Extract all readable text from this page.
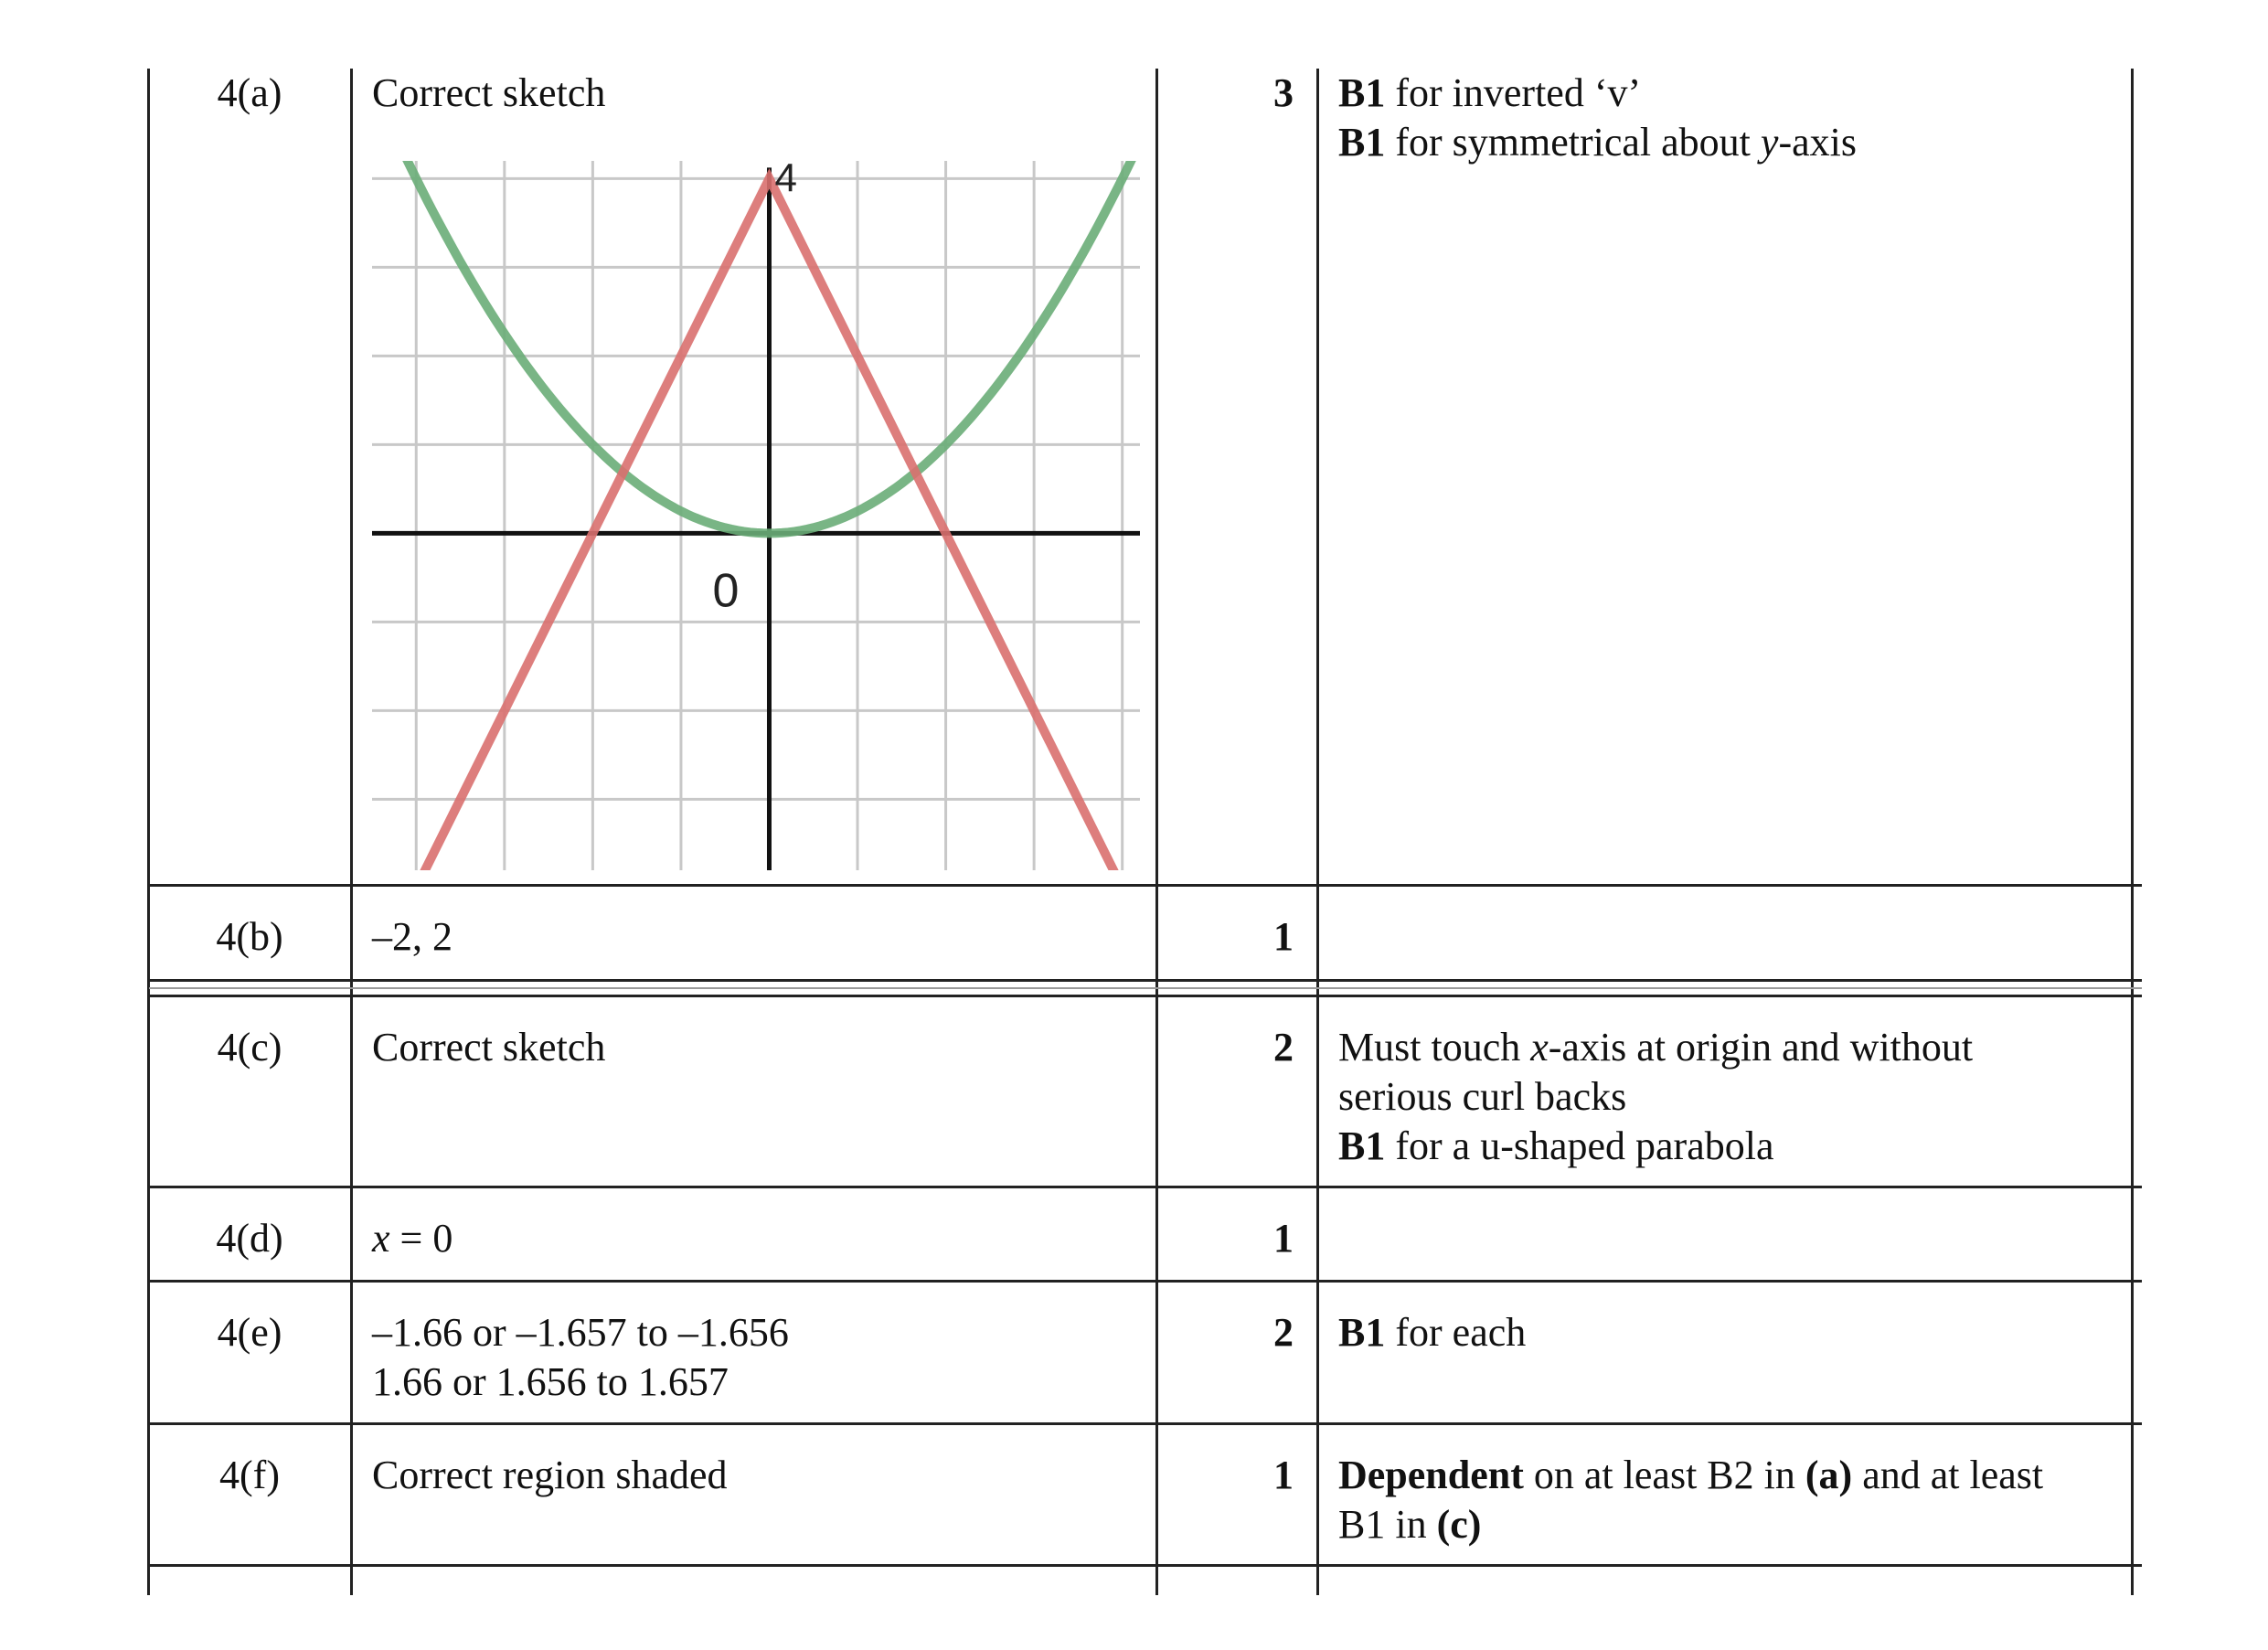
4(a)	Correct sketch	3 B1 for inverted ‘v’
B1 for symmetrical about y-axis
4
0
4(b)	–2, 2	1
4(c)	Correct sketch	2 Must touch x-axis at origin and without
serious curl backs
B1 for a u-shaped parabola
4(d)	x = 0	1
4(e)	–1.66 or –1.657 to –1.656
1.66 or 1.656 to 1.657
2 B1 for each
4(f)	Correct region shaded	1 Dependent on at least B2 in (a) and at least
B1 in (c)
